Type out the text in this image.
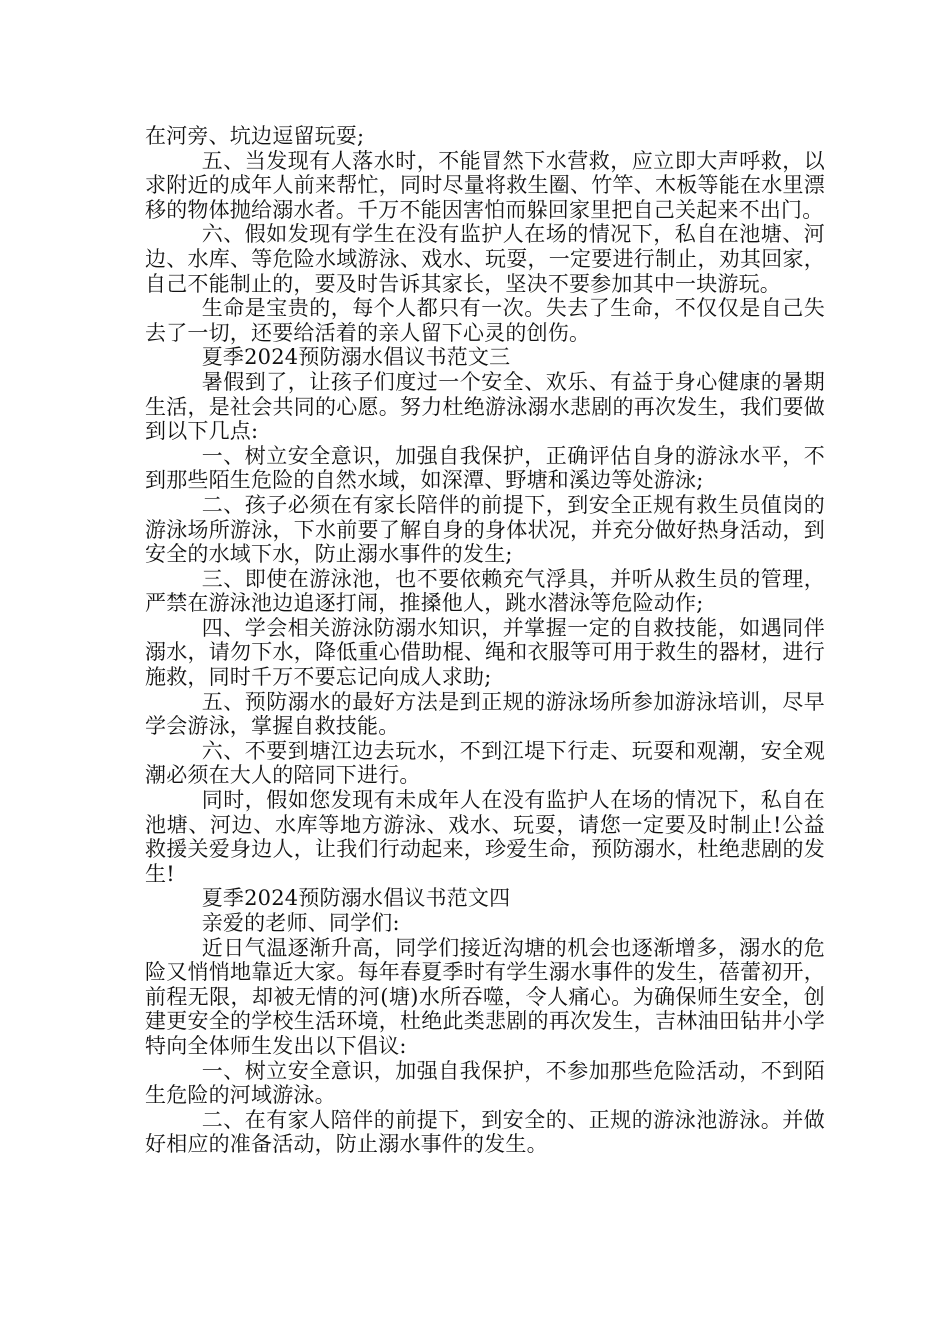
在河旁、坑边逗留玩耍;

五、当发现有人落水时，不能冒然下水营救，应立即大声呼救，以求附近的成年人前来帮忙，同时尽量将救生圈、竹竿、木板等能在水里漂移的物体抛给溺水者。千万不能因害怕而躲回家里把自己关起来不出门。

六、假如发现有学生在没有监护人在场的情况下，私自在池塘、河边、水库、等危险水域游泳、戏水、玩耍，一定要进行制止，劝其回家，自己不能制止的，要及时告诉其家长，坚决不要参加其中一块游玩。

生命是宝贵的，每个人都只有一次。失去了生命，不仅仅是自己失去了一切，还要给活着的亲人留下心灵的创伤。

夏季2024预防溺水倡议书范文三

暑假到了，让孩子们度过一个安全、欢乐、有益于身心健康的暑期生活，是社会共同的心愿。努力杜绝游泳溺水悲剧的再次发生，我们要做到以下几点:

一、树立安全意识，加强自我保护，正确评估自身的游泳水平，不到那些陌生危险的自然水域，如深潭、野塘和溪边等处游泳;

二、孩子必须在有家长陪伴的前提下，到安全正规有救生员值岗的游泳场所游泳，下水前要了解自身的身体状况，并充分做好热身活动，到安全的水域下水，防止溺水事件的发生;

三、即使在游泳池，也不要依赖充气浮具，并听从救生员的管理，严禁在游泳池边追逐打闹，推搡他人，跳水潜泳等危险动作;

四、学会相关游泳防溺水知识，并掌握一定的自救技能，如遇同伴溺水，请勿下水，降低重心借助棍、绳和衣服等可用于救生的器材，进行施救，同时千万不要忘记向成人求助;

五、预防溺水的最好方法是到正规的游泳场所参加游泳培训，尽早学会游泳，掌握自救技能。

六、不要到塘江边去玩水，不到江堤下行走、玩耍和观潮，安全观潮必须在大人的陪同下进行。

同时，假如您发现有未成年人在没有监护人在场的情况下，私自在池塘、河边、水库等地方游泳、戏水、玩耍，请您一定要及时制止!公益救援关爱身边人，让我们行动起来，珍爱生命，预防溺水，杜绝悲剧的发生!

夏季2024预防溺水倡议书范文四

亲爱的老师、同学们:

近日气温逐渐升高，同学们接近沟塘的机会也逐渐增多，溺水的危险又悄悄地靠近大家。每年春夏季时有学生溺水事件的发生，蓓蕾初开，前程无限，却被无情的河(塘)水所吞噬，令人痛心。为确保师生安全，创建更安全的学校生活环境，杜绝此类悲剧的再次发生，吉林油田钻井小学特向全体师生发出以下倡议:

一、树立安全意识，加强自我保护，不参加那些危险活动，不到陌生危险的河域游泳。

二、在有家人陪伴的前提下，到安全的、正规的游泳池游泳。并做好相应的准备活动，防止溺水事件的发生。
